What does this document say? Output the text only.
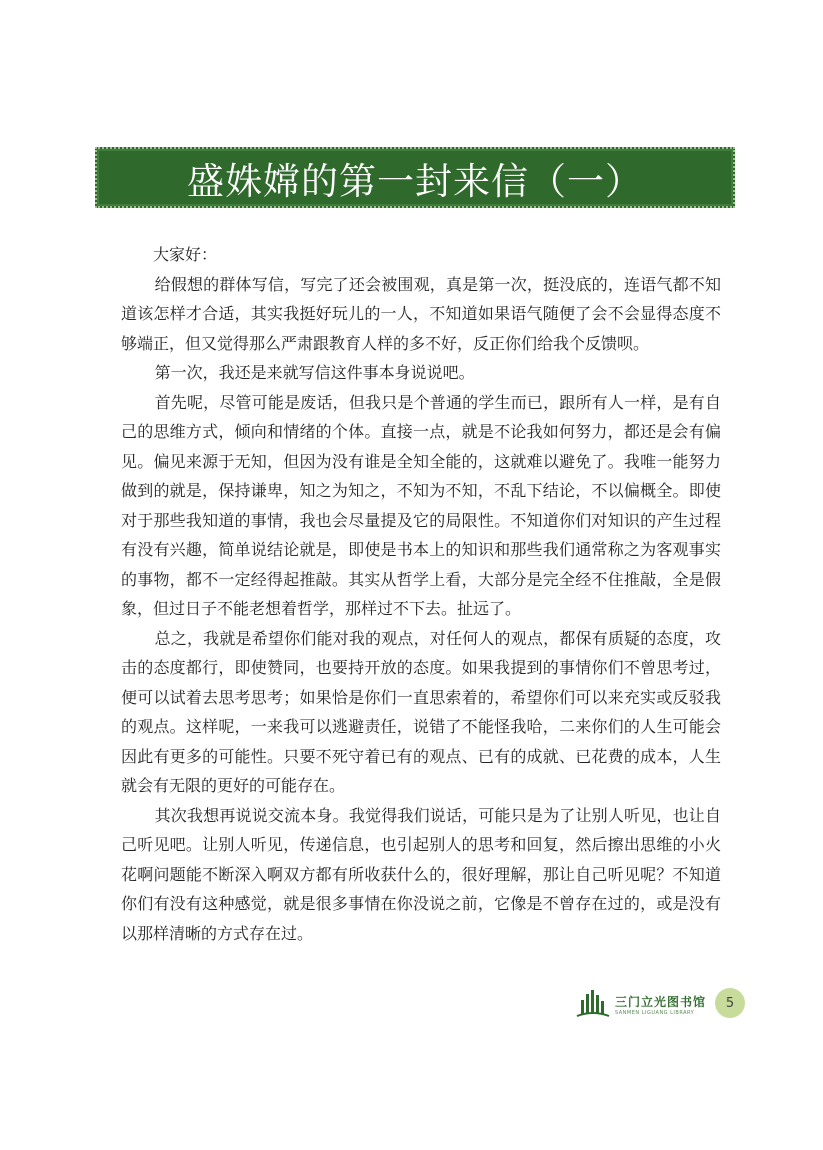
盛姝嫦的第一封来信（一）

大家好：

给假想的群体写信，写完了还会被围观，真是第一次，挺没底的，连语气都不知道该怎样才合适，其实我挺好玩儿的一人，不知道如果语气随便了会不会显得态度不够端正，但又觉得那么严肃跟教育人样的多不好，反正你们给我个反馈呗。

第一次，我还是来就写信这件事本身说说吧。

首先呢，尽管可能是废话，但我只是个普通的学生而已，跟所有人一样，是有自己的思维方式，倾向和情绪的个体。直接一点，就是不论我如何努力，都还是会有偏见。偏见来源于无知，但因为没有谁是全知全能的，这就难以避免了。我唯一能努力做到的就是，保持谦卑，知之为知之，不知为不知，不乱下结论，不以偏概全。即使对于那些我知道的事情，我也会尽量提及它的局限性。不知道你们对知识的产生过程有没有兴趣，简单说结论就是，即使是书本上的知识和那些我们通常称之为客观事实的事物，都不一定经得起推敲。其实从哲学上看，大部分是完全经不住推敲，全是假象，但过日子不能老想着哲学，那样过不下去。扯远了。

总之，我就是希望你们能对我的观点，对任何人的观点，都保有质疑的态度，攻击的态度都行，即使赞同，也要持开放的态度。如果我提到的事情你们不曾思考过，便可以试着去思考思考；如果恰是你们一直思索着的，希望你们可以来充实或反驳我的观点。这样呢，一来我可以逃避责任，说错了不能怪我哈，二来你们的人生可能会因此有更多的可能性。只要不死守着已有的观点、已有的成就、已花费的成本，人生就会有无限的更好的可能存在。

其次我想再说说交流本身。我觉得我们说话，可能只是为了让别人听见，也让自己听见吧。让别人听见，传递信息，也引起别人的思考和回复，然后擦出思维的小火花啊问题能不断深入啊双方都有所收获什么的，很好理解，那让自己听见呢？不知道你们有没有这种感觉，就是很多事情在你没说之前，它像是不曾存在过的，或是没有以那样清晰的方式存在过。

三门立光图书馆
SANMEN LIGUANG LIBRARY
5
